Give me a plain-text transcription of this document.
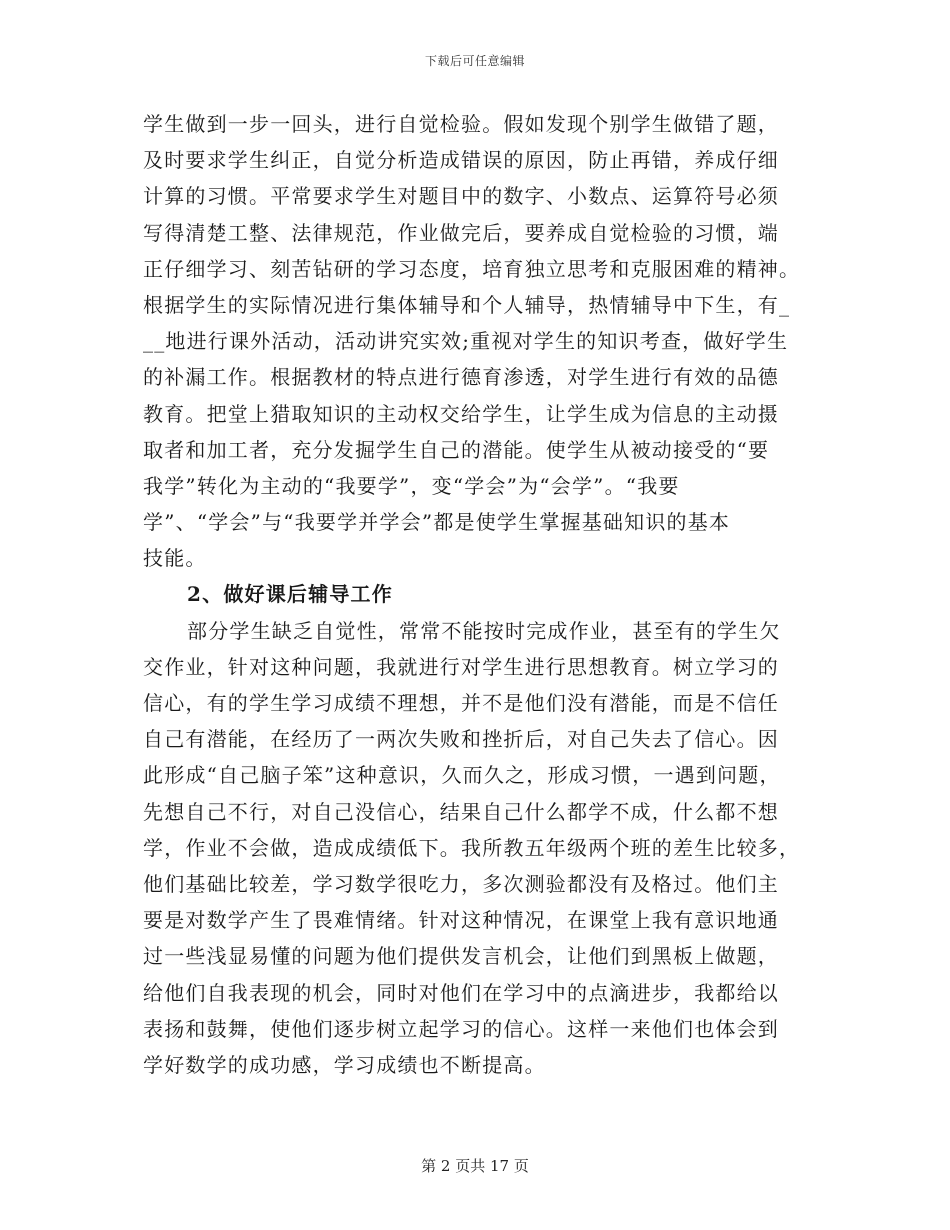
下载后可任意编辑
学生做到一步一回头，进行自觉检验。假如发现个别学生做错了题，
及时要求学生纠正，自觉分析造成错误的原因，防止再错，养成仔细
计算的习惯。平常要求学生对题目中的数字、小数点、运算符号必须
写得清楚工整、法律规范，作业做完后，要养成自觉检验的习惯，端
正仔细学习、刻苦钻研的学习态度，培育独立思考和克服困难的精神。
根据学生的实际情况进行集体辅导和个人辅导，热情辅导中下生，有_
__地进行课外活动，活动讲究实效;重视对学生的知识考查，做好学生
的补漏工作。根据教材的特点进行德育渗透，对学生进行有效的品德
教育。把堂上猎取知识的主动权交给学生，让学生成为信息的主动摄
取者和加工者，充分发掘学生自己的潜能。使学生从被动接受的“要
我学”转化为主动的“我要学”，变“学会”为“会学”。“我要
学”、“学会”与“我要学并学会”都是使学生掌握基础知识的基本
技能。
2、做好课后辅导工作
部分学生缺乏自觉性，常常不能按时完成作业，甚至有的学生欠
交作业，针对这种问题，我就进行对学生进行思想教育。树立学习的
信心，有的学生学习成绩不理想，并不是他们没有潜能，而是不信任
自己有潜能，在经历了一两次失败和挫折后，对自己失去了信心。因
此形成“自己脑子笨”这种意识，久而久之，形成习惯，一遇到问题，
先想自己不行，对自己没信心，结果自己什么都学不成，什么都不想
学，作业不会做，造成成绩低下。我所教五年级两个班的差生比较多，
他们基础比较差，学习数学很吃力，多次测验都没有及格过。他们主
要是对数学产生了畏难情绪。针对这种情况，在课堂上我有意识地通
过一些浅显易懂的问题为他们提供发言机会，让他们到黑板上做题，
给他们自我表现的机会，同时对他们在学习中的点滴进步，我都给以
表扬和鼓舞，使他们逐步树立起学习的信心。这样一来他们也体会到
学好数学的成功感，学习成绩也不断提高。
第 2 页共 17 页
